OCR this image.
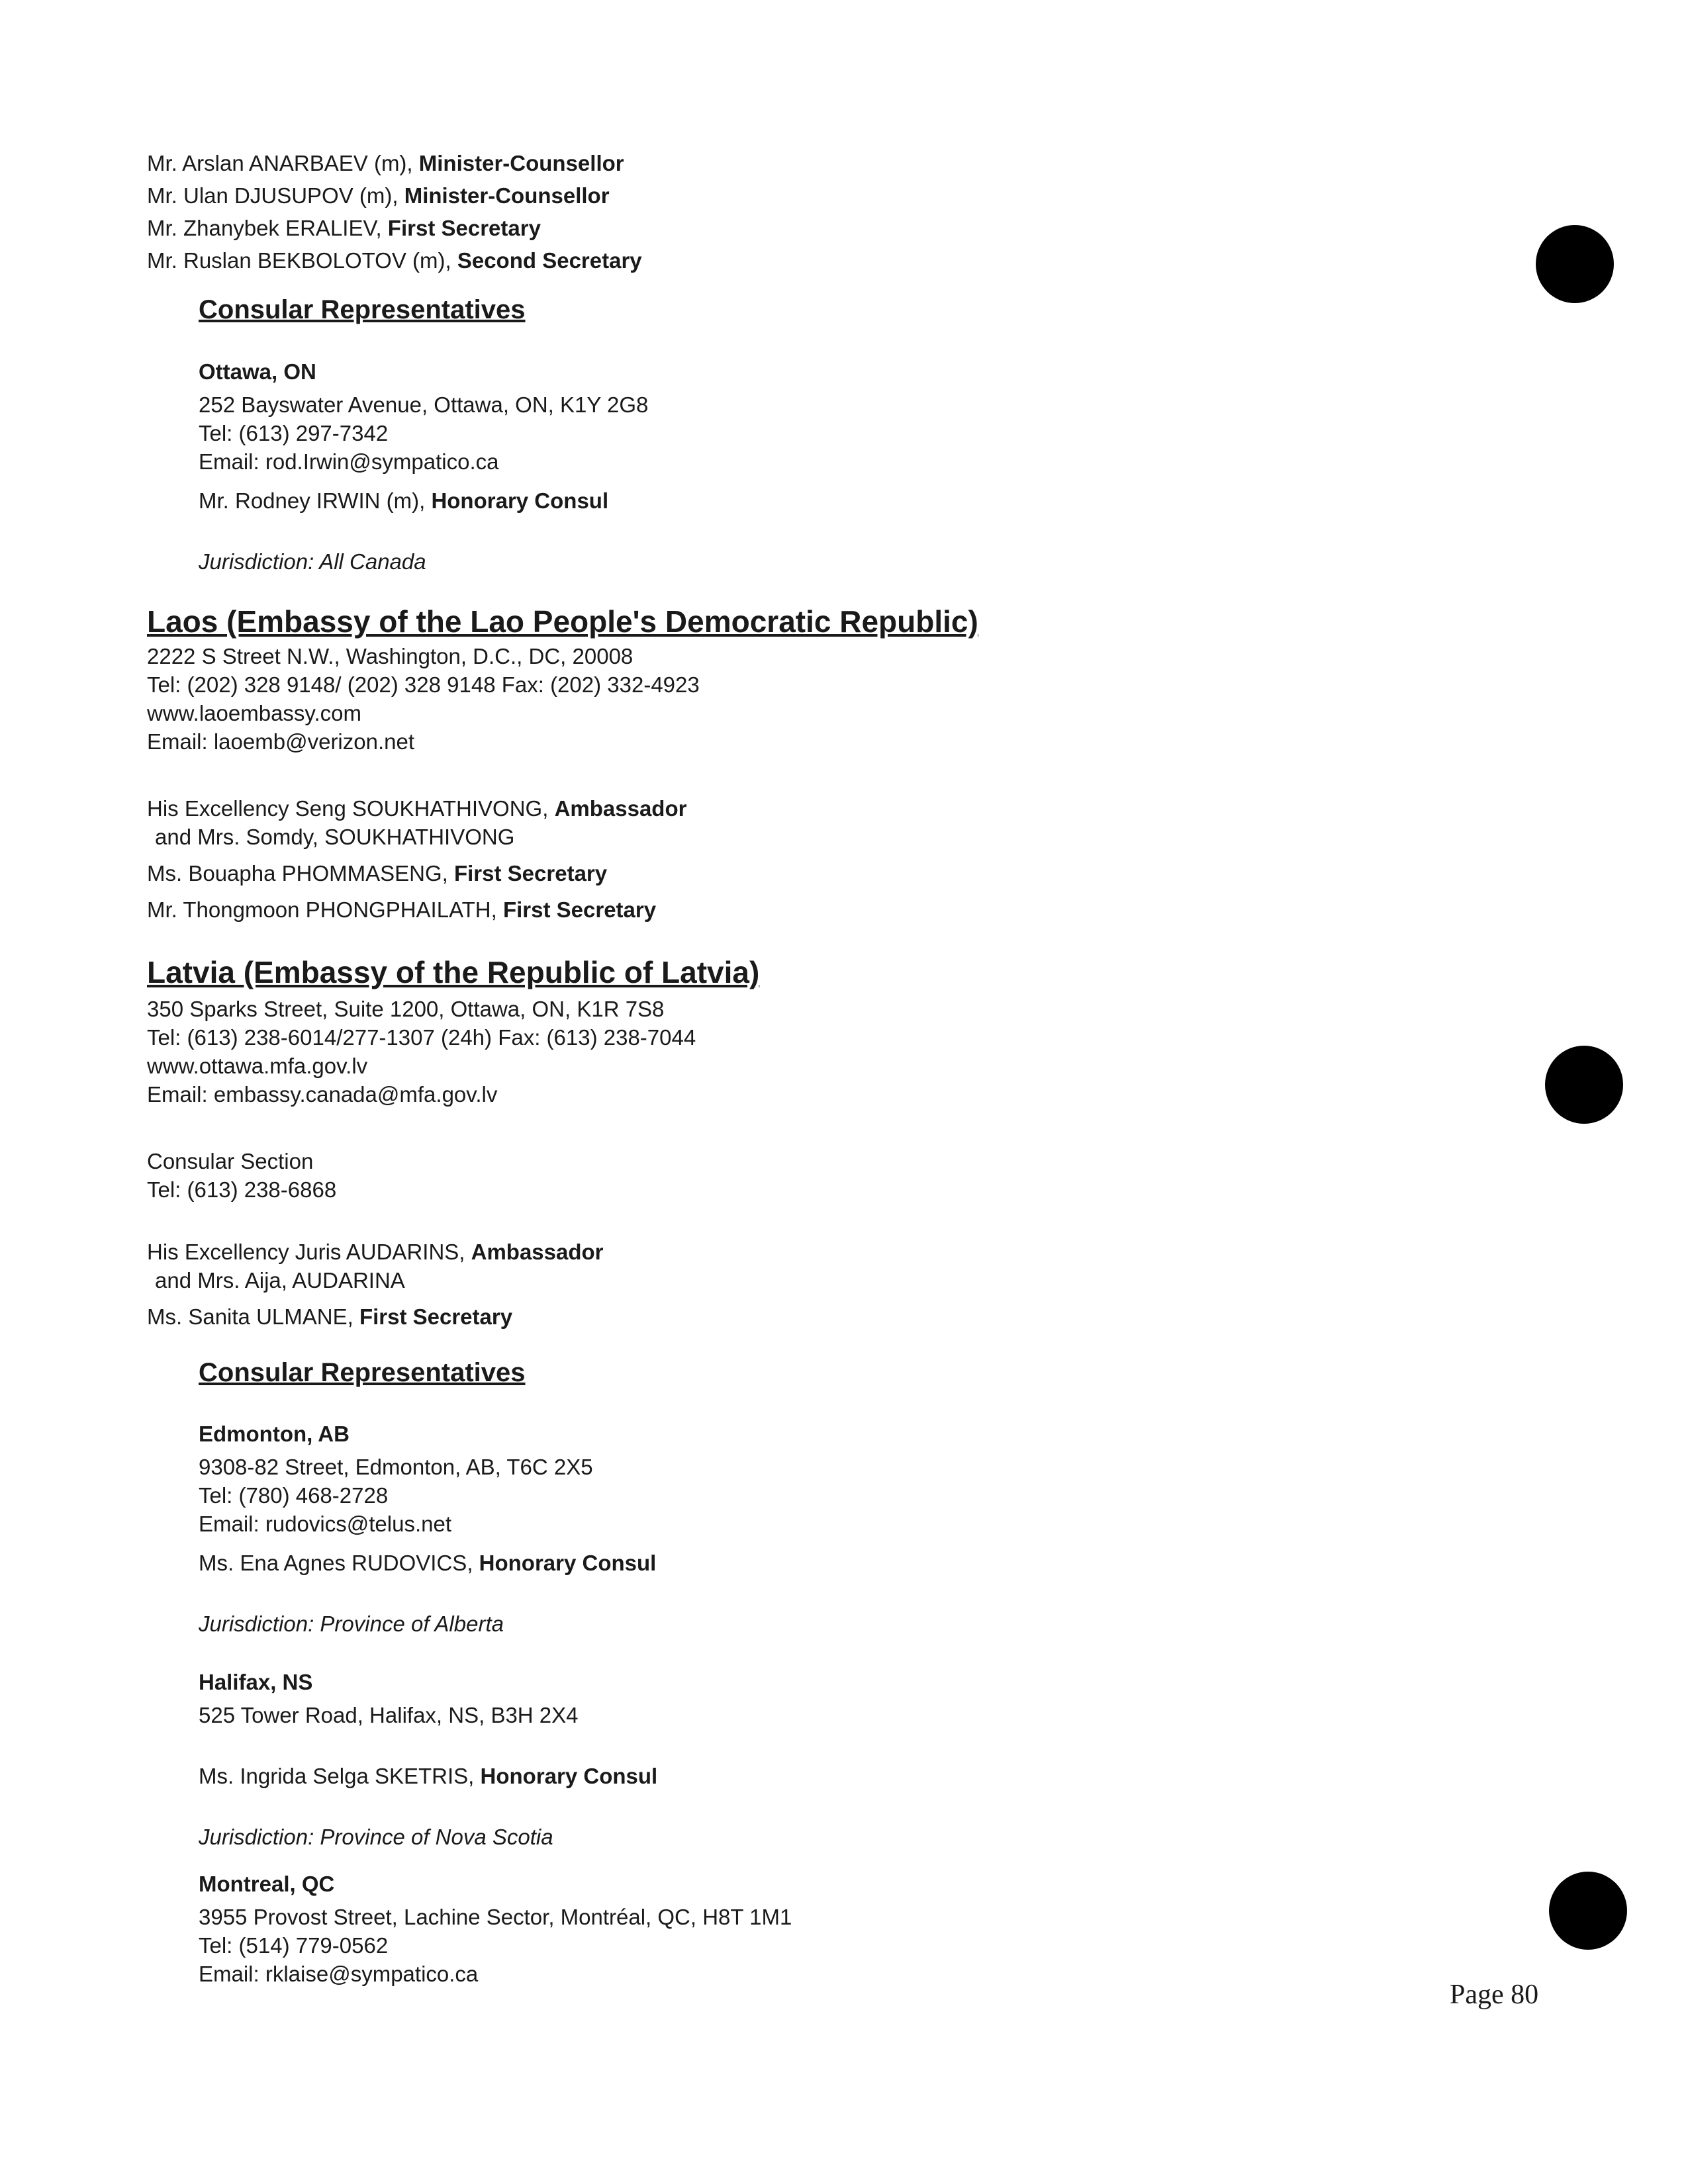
Mr. Arslan ANARBAEV (m), Minister-Counsellor
Mr. Ulan DJUSUPOV (m), Minister-Counsellor
Mr. Zhanybek ERALIEV, First Secretary
Mr. Ruslan BEKBOLOTOV (m), Second Secretary
Consular Representatives
Ottawa, ON
252 Bayswater Avenue, Ottawa, ON, K1Y 2G8
Tel: (613) 297-7342
Email: rod.Irwin@sympatico.ca
Mr. Rodney IRWIN (m), Honorary Consul
Jurisdiction: All Canada
Laos (Embassy of the Lao People's Democratic Republic)
2222 S Street N.W., Washington, D.C., DC, 20008
Tel: (202) 328 9148/ (202) 328 9148 Fax: (202) 332-4923
www.laoembassy.com
Email: laoemb@verizon.net
His Excellency Seng SOUKHATHIVONG, Ambassador
and Mrs. Somdy, SOUKHATHIVONG
Ms. Bouapha PHOMMASENG, First Secretary
Mr. Thongmoon PHONGPHAILATH, First Secretary
Latvia (Embassy of the Republic of Latvia)
350 Sparks Street, Suite 1200, Ottawa, ON, K1R 7S8
Tel: (613) 238-6014/277-1307 (24h) Fax: (613) 238-7044
www.ottawa.mfa.gov.lv
Email: embassy.canada@mfa.gov.lv
Consular Section
Tel: (613) 238-6868
His Excellency Juris AUDARINS, Ambassador
and Mrs. Aija, AUDARINA
Ms. Sanita ULMANE, First Secretary
Consular Representatives
Edmonton, AB
9308-82 Street, Edmonton, AB, T6C 2X5
Tel: (780) 468-2728
Email: rudovics@telus.net
Ms. Ena Agnes RUDOVICS, Honorary Consul
Jurisdiction: Province of Alberta
Halifax, NS
525 Tower Road, Halifax, NS, B3H 2X4
Ms. Ingrida Selga SKETRIS, Honorary Consul
Jurisdiction: Province of Nova Scotia
Montreal, QC
3955 Provost Street, Lachine Sector, Montréal, QC, H8T 1M1
Tel: (514) 779-0562
Email: rklaise@sympatico.ca
Page 80
